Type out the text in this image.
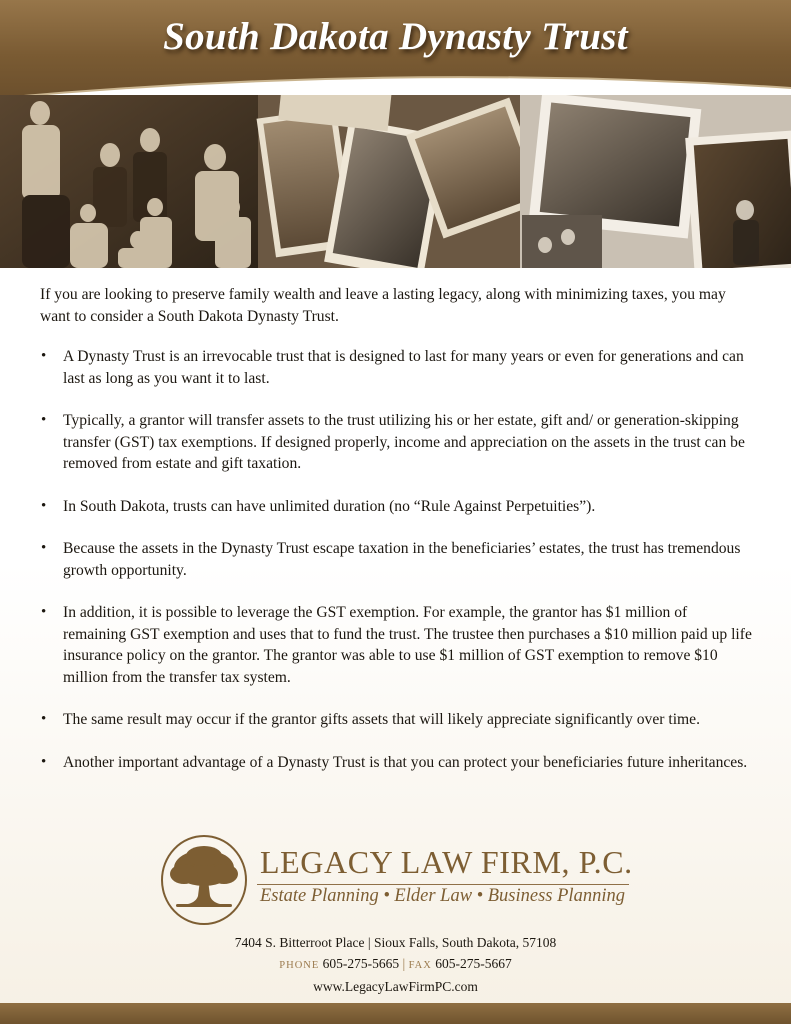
South Dakota Dynasty Trust

If you are looking to preserve family wealth and leave a lasting legacy, along with minimizing taxes, you may want to consider a South Dakota Dynasty Trust.

• A Dynasty Trust is an irrevocable trust that is designed to last for many years or even for generations and can last as long as you want it to last.
• Typically, a grantor will transfer assets to the trust utilizing his or her estate, gift and/ or generation-skipping transfer (GST) tax exemptions. If designed properly, income and appreciation on the assets in the trust can be removed from estate and gift taxation.
• In South Dakota, trusts can have unlimited duration (no “Rule Against Perpetuities”).
• Because the assets in the Dynasty Trust escape taxation in the beneficiaries’ estates, the trust has tremendous growth opportunity.
• In addition, it is possible to leverage the GST exemption. For example, the grantor has $1 million of remaining GST exemption and uses that to fund the trust. The trustee then purchases a $10 million paid up life insurance policy on the grantor. The grantor was able to use $1 million of GST exemption to remove $10 million from the transfer tax system.
• The same result may occur if the grantor gifts assets that will likely appreciate significantly over time.
• Another important advantage of a Dynasty Trust is that you can protect your beneficiaries future inheritances.
LEGACY LAW FIRM, P.C.
Estate Planning • Elder Law • Business Planning
7404 S. Bitterroot Place | Sioux Falls, South Dakota, 57108
PHONE 605-275-5665 | FAX 605-275-5667
www.LegacyLawFirmPC.com
